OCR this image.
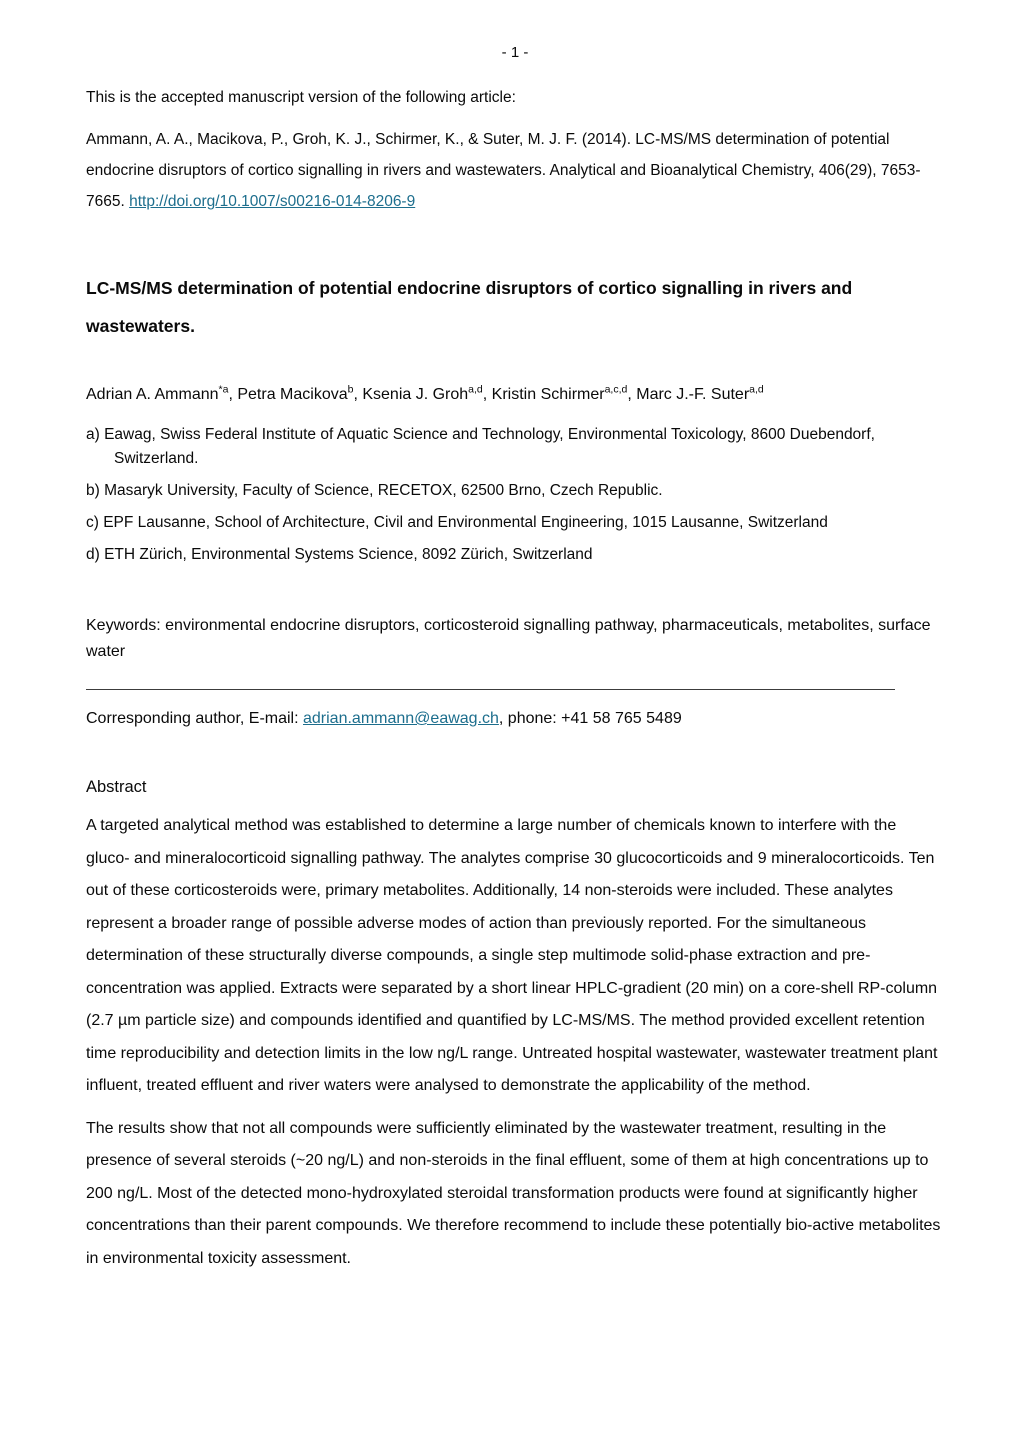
- 1 -

This is the accepted manuscript version of the following article:

Ammann, A. A., Macikova, P., Groh, K. J., Schirmer, K., & Suter, M. J. F. (2014). LC-MS/MS determination of potential endocrine disruptors of cortico signalling in rivers and wastewaters. Analytical and Bioanalytical Chemistry, 406(29), 7653-7665. http://doi.org/10.1007/s00216-014-8206-9

LC-MS/MS determination of potential endocrine disruptors of cortico signalling in rivers and wastewaters.

Adrian A. Ammann$^{*a}$, Petra Macikova$^b$, Ksenia J. Groh$^{a,d}$, Kristin Schirmer$^{a,c,d}$, Marc J.-F. Suter$^{a,d}$

a) Eawag, Swiss Federal Institute of Aquatic Science and Technology, Environmental Toxicology, 8600 Duebendorf, Switzerland.

b) Masaryk University, Faculty of Science, RECETOX, 62500 Brno, Czech Republic.

c) EPF Lausanne, School of Architecture, Civil and Environmental Engineering, 1015 Lausanne, Switzerland

d) ETH Zürich, Environmental Systems Science, 8092 Zürich, Switzerland

Keywords: environmental endocrine disruptors, corticosteroid signalling pathway, pharmaceuticals, metabolites, surface water

Corresponding author, E-mail: adrian.ammann@eawag.ch, phone: +41 58 765 5489

Abstract

A targeted analytical method was established to determine a large number of chemicals known to interfere with the gluco- and mineralocorticoid signalling pathway. The analytes comprise 30 glucocorticoids and 9 mineralocorticoids. Ten out of these corticosteroids were, primary metabolites. Additionally, 14 non-steroids were included. These analytes represent a broader range of possible adverse modes of action than previously reported. For the simultaneous determination of these structurally diverse compounds, a single step multimode solid-phase extraction and pre-concentration was applied. Extracts were separated by a short linear HPLC-gradient (20 min) on a core-shell RP-column (2.7 µm particle size) and compounds identified and quantified by LC-MS/MS. The method provided excellent retention time reproducibility and detection limits in the low ng/L range. Untreated hospital wastewater, wastewater treatment plant influent, treated effluent and river waters were analysed to demonstrate the applicability of the method.

The results show that not all compounds were sufficiently eliminated by the wastewater treatment, resulting in the presence of several steroids (~20 ng/L) and non-steroids in the final effluent, some of them at high concentrations up to 200 ng/L. Most of the detected mono-hydroxylated steroidal transformation products were found at significantly higher concentrations than their parent compounds. We therefore recommend to include these potentially bio-active metabolites in environmental toxicity assessment.
